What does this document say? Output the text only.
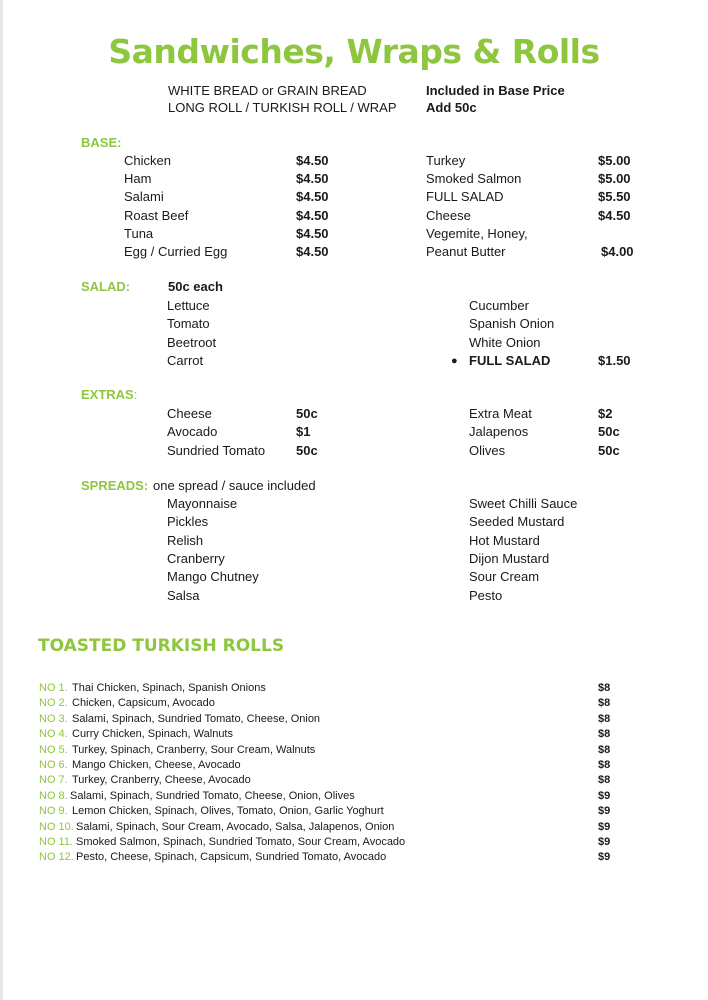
Sandwiches, Wraps & Rolls
WHITE BREAD or GRAIN BREAD	Included in Base Price
LONG ROLL / TURKISH ROLL / WRAP Add 50c
BASE:
Chicken	$4.50
Ham	$4.50
Salami	$4.50
Roast Beef	$4.50
Tuna	$4.50
Egg / Curried Egg	$4.50
Turkey	$5.00
Smoked Salmon	$5.00
FULL SALAD	$5.50
Cheese	$4.50
Vegemite, Honey,
Peanut Butter	$4.00
SALAD:	50c each
Lettuce
Tomato
Beetroot
Carrot
Cucumber
Spanish Onion
White Onion
● FULL SALAD	$1.50
EXTRAS:
Cheese	50c
Avocado	$1
Sundried Tomato 50c
Extra Meat	$2
Jalapenos	50c
Olives	50c
SPREADS: one spread / sauce included
Mayonnaise
Pickles
Relish
Cranberry
Mango Chutney
Salsa
Sweet Chilli Sauce
Seeded Mustard
Hot Mustard
Dijon Mustard
Sour Cream
Pesto
TOASTED TURKISH ROLLS
NO 1. Thai Chicken, Spinach, Spanish Onions	$8
NO 2. Chicken, Capsicum, Avocado	$8
NO 3. Salami, Spinach, Sundried Tomato, Cheese, Onion	$8
NO 4. Curry Chicken, Spinach, Walnuts	$8
NO 5. Turkey, Spinach, Cranberry, Sour Cream, Walnuts	$8
NO 6. Mango Chicken, Cheese, Avocado	$8
NO 7. Turkey, Cranberry, Cheese, Avocado	$8
NO 8. Salami, Spinach, Sundried Tomato, Cheese, Onion, Olives	$9
NO 9. Lemon Chicken, Spinach, Olives, Tomato, Onion, Garlic Yoghurt	$9
NO 10. Salami, Spinach, Sour Cream, Avocado, Salsa, Jalapenos, Onion	$9
NO 11. Smoked Salmon, Spinach, Sundried Tomato, Sour Cream, Avocado	$9
NO 12. Pesto, Cheese, Spinach, Capsicum, Sundried Tomato, Avocado	$9
